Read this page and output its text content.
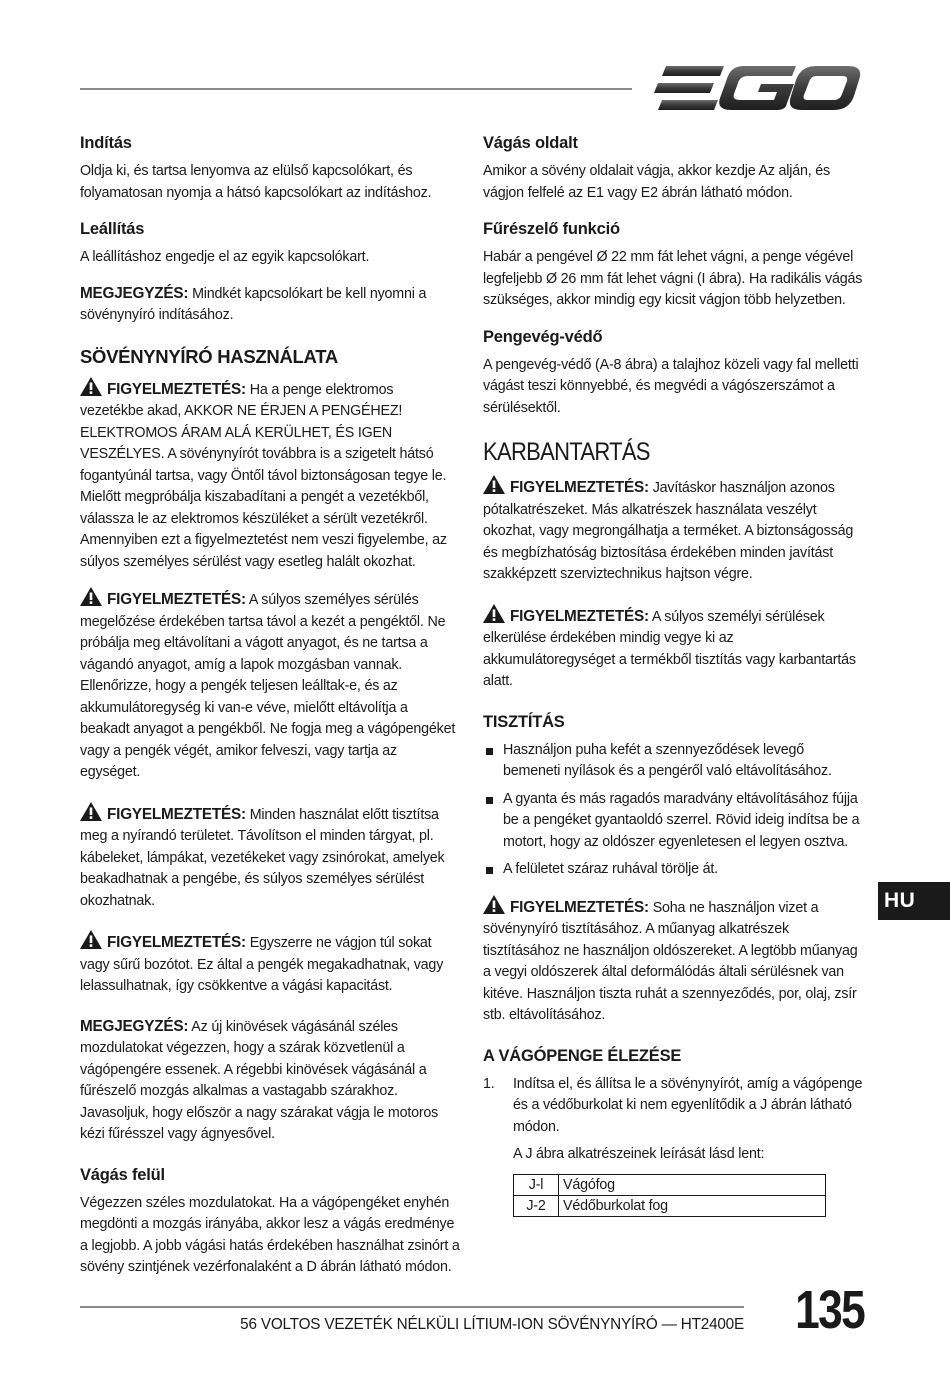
Indítás

Oldja ki, és tartsa lenyomva az elülső kapcsolókart, és folyamatosan nyomja a hátsó kapcsolókart az indításhoz.

Leállítás

A leállításhoz engedje el az egyik kapcsolókart.

MEGJEGYZÉS: Mindkét kapcsolókart be kell nyomni a sövénynyíró indításához.

SÖVÉNYNYÍRÓ HASZNÁLATA

FIGYELMEZTETÉS: Ha a penge elektromos vezetékbe akad, AKKOR NE ÉRJEN A PENGÉHEZ! ELEKTROMOS ÁRAM ALÁ KERÜLHET, ÉS IGEN VESZÉLYES. A sövénynyírót továbbra is a szigetelt hátsó fogantyúnál tartsa, vagy Öntől távol biztonságosan tegye le. Mielőtt megpróbálja kiszabadítani a pengét a vezetékből, válassza le az elektromos készüléket a sérült vezetékről. Amennyiben ezt a figyelmeztetést nem veszi figyelembe, az súlyos személyes sérülést vagy esetleg halált okozhat.

FIGYELMEZTETÉS: A súlyos személyes sérülés megelőzése érdekében tartsa távol a kezét a pengéktől. Ne próbálja meg eltávolítani a vágott anyagot, és ne tartsa a vágandó anyagot, amíg a lapok mozgásban vannak. Ellenőrizze, hogy a pengék teljesen leálltak-e, és az akkumulátoregység ki van-e véve, mielőtt eltávolítja a beakadt anyagot a pengékből. Ne fogja meg a vágópengéket vagy a pengék végét, amikor felveszi, vagy tartja az egységet.

FIGYELMEZTETÉS: Minden használat előtt tisztítsa meg a nyírandó területet. Távolítson el minden tárgyat, pl. kábeleket, lámpákat, vezetékeket vagy zsinórokat, amelyek beakadhatnak a pengébe, és súlyos személyes sérülést okozhatnak.

FIGYELMEZTETÉS: Egyszerre ne vágjon túl sokat vagy sűrű bozótot. Ez által a pengék megakadhatnak, vagy lelassulhatnak, így csökkentve a vágási kapacitást.

MEGJEGYZÉS: Az új kinövések vágásánál széles mozdulatokat végezzen, hogy a szárak közvetlenül a vágópengére essenek. A régebbi kinövések vágásánál a fűrészelő mozgás alkalmas a vastagabb szárakhoz. Javasoljuk, hogy először a nagy szárakat vágja le motoros kézi fűrésszel vagy ágnyesővel.

Vágás felül

Végezzen széles mozdulatokat. Ha a vágópengéket enyhén megdönti a mozgás irányába, akkor lesz a vágás eredménye a legjobb. A jobb vágási hatás érdekében használhat zsinórt a sövény szintjének vezérfonalaként a D ábrán látható módon.

Vágás oldalt

Amikor a sövény oldalait vágja, akkor kezdje Az alján, és vágjon felfelé az E1 vagy E2 ábrán látható módon.

Fűrészelő funkció

Habár a pengével Ø 22 mm fát lehet vágni, a penge végével legfeljebb Ø 26 mm fát lehet vágni (I ábra). Ha radikális vágás szükséges, akkor mindig egy kicsit vágjon több helyzetben.

Pengevég-védő

A pengevég-védő (A-8 ábra) a talajhoz közeli vagy fal melletti vágást teszi könnyebbé, és megvédi a vágószerszámot a sérülésektől.

KARBANTARTÁS

FIGYELMEZTETÉS: Javításkor használjon azonos pótalkatrészeket. Más alkatrészek használata veszélyt okozhat, vagy megrongálhatja a terméket. A biztonságosság és megbízhatóság biztosítása érdekében minden javítást szakképzett szerviztechnikus hajtson végre.

FIGYELMEZTETÉS: A súlyos személyi sérülések elkerülése érdekében mindig vegye ki az akkumulátoregységet a termékből tisztítás vagy karbantartás alatt.

TISZTÍTÁS
Használjon puha kefét a szennyeződések levegő bemeneti nyílások és a pengéről való eltávolításához.
A gyanta és más ragadós maradvány eltávolításához fújja be a pengéket gyantaoldó szerrel. Rövid ideig indítsa be a motort, hogy az oldószer egyenletesen el legyen osztva.
A felületet száraz ruhával törölje át.

FIGYELMEZTETÉS: Soha ne használjon vizet a sövénynyíró tisztításához. A műanyag alkatrészek tisztításához ne használjon oldószereket. A legtöbb műanyag a vegyi oldószerek által deformálódás általi sérülésnek van kitéve. Használjon tiszta ruhát a szennyeződés, por, olaj, zsír stb. eltávolításához.

A VÁGÓPENGE ÉLEZÉSE

1. Indítsa el, és állítsa le a sövénynyírót, amíg a vágópenge és a védőburkolat ki nem egyenlítődik a J ábrán látható módon.

A J ábra alkatrészeinek leírását lásd lent:

J-l	Vágófog
J-2	Védőburkolat fog
HU
56 VOLTOS VEZETÉK NÉLKÜLI LÍTIUM-ION SÖVÉNYNYÍRÓ — HT2400E 135
